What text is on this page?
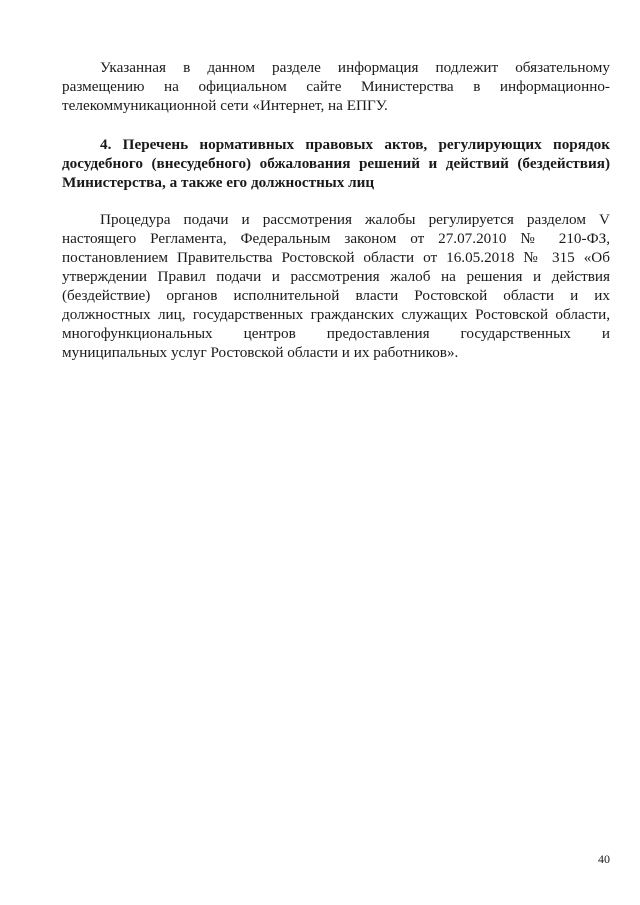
Указанная в данном разделе информация подлежит обязательному размещению на официальном сайте Министерства в информационно-телекоммуникационной сети «Интернет, на ЕПГУ.

4. Перечень нормативных правовых актов, регулирующих порядок досудебного (внесудебного) обжалования решений и действий (бездействия) Министерства, а также его должностных лиц

Процедура подачи и рассмотрения жалобы регулируется разделом V настоящего Регламента, Федеральным законом от 27.07.2010 № 210-ФЗ, постановлением Правительства Ростовской области от 16.05.2018 № 315 «Об утверждении Правил подачи и рассмотрения жалоб на решения и действия (бездействие) органов исполнительной власти Ростовской области и их должностных лиц, государственных гражданских служащих Ростовской области, многофункциональных центров предоставления государственных и муниципальных услуг Ростовской области и их работников».

40
